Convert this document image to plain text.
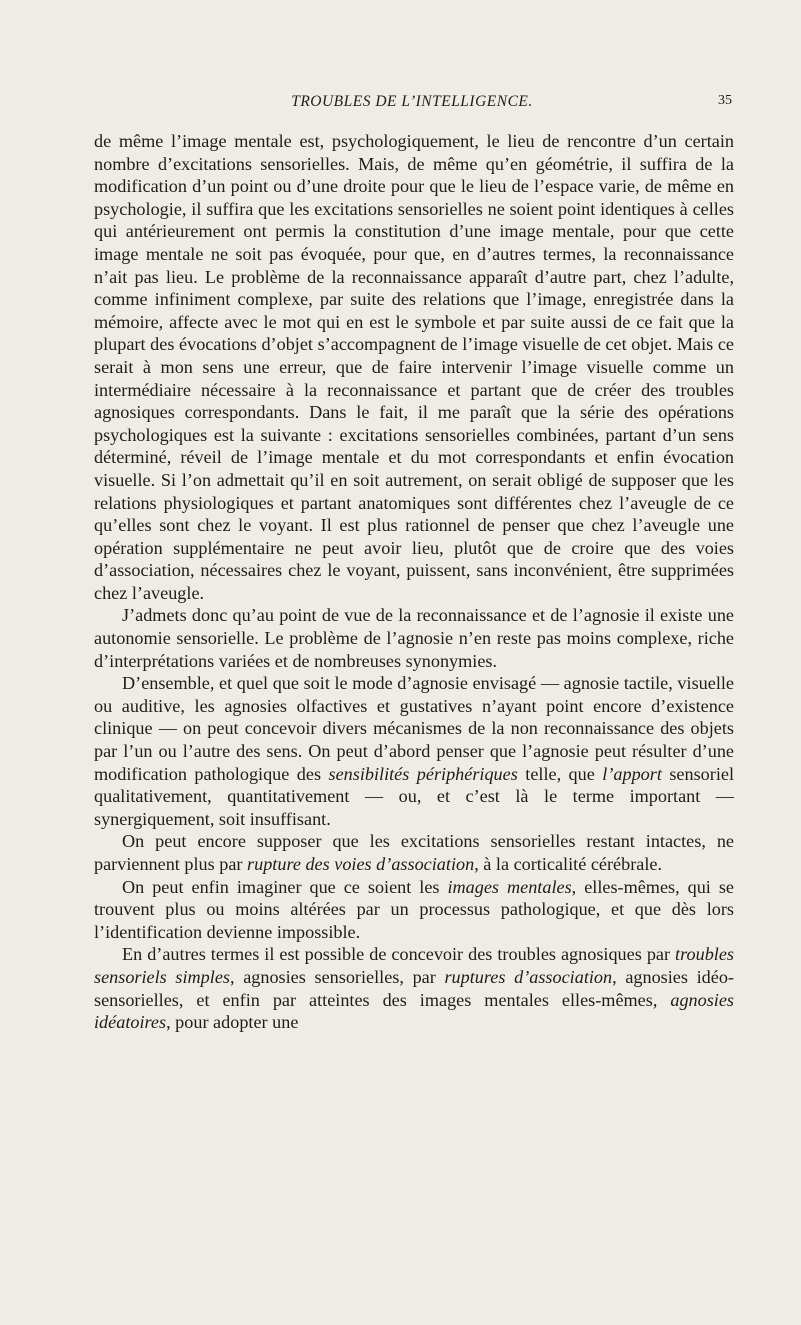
TROUBLES DE L’INTELLIGENCE.	35

de même l’image mentale est, psychologiquement, le lieu de rencontre d’un certain nombre d’excitations sensorielles. Mais, de même qu’en géométrie, il suffira de la modification d’un point ou d’une droite pour que le lieu de l’espace varie, de même en psychologie, il suffira que les excitations sensorielles ne soient point identiques à celles qui antérieurement ont permis la constitution d’une image mentale, pour que cette image mentale ne soit pas évoquée, pour que, en d’autres termes, la reconnaissance n’ait pas lieu. Le problème de la reconnaissance apparaît d’autre part, chez l’adulte, comme infiniment complexe, par suite des relations que l’image, enregistrée dans la mémoire, affecte avec le mot qui en est le symbole et par suite aussi de ce fait que la plupart des évocations d’objet s’accompagnent de l’image visuelle de cet objet. Mais ce serait à mon sens une erreur, que de faire intervenir l’image visuelle comme un intermédiaire nécessaire à la reconnaissance et partant que de créer des troubles agnosiques correspondants. Dans le fait, il me paraît que la série des opérations psychologiques est la suivante : excitations sensorielles combinées, partant d’un sens déterminé, réveil de l’image mentale et du mot correspondants et enfin évocation visuelle. Si l’on admettait qu’il en soit autrement, on serait obligé de supposer que les relations physiologiques et partant anatomiques sont différentes chez l’aveugle de ce qu’elles sont chez le voyant. Il est plus rationnel de penser que chez l’aveugle une opération supplémentaire ne peut avoir lieu, plutôt que de croire que des voies d’association, nécessaires chez le voyant, puissent, sans inconvénient, être supprimées chez l’aveugle.

J’admets donc qu’au point de vue de la reconnaissance et de l’agnosie il existe une autonomie sensorielle. Le problème de l’agnosie n’en reste pas moins complexe, riche d’interprétations variées et de nombreuses synonymies.

D’ensemble, et quel que soit le mode d’agnosie envisagé — agnosie tactile, visuelle ou auditive, les agnosies olfactives et gustatives n’ayant point encore d’existence clinique — on peut concevoir divers mécanismes de la non reconnaissance des objets par l’un ou l’autre des sens. On peut d’abord penser que l’agnosie peut résulter d’une modification pathologique des sensibilités périphériques telle, que l’apport sensoriel qualitativement, quantitativement — ou, et c’est là le terme important — synergiquement, soit insuffisant.

On peut encore supposer que les excitations sensorielles restant intactes, ne parviennent plus par rupture des voies d’association, à la corticalité cérébrale.

On peut enfin imaginer que ce soient les images mentales, elles-mêmes, qui se trouvent plus ou moins altérées par un processus pathologique, et que dès lors l’identification devienne impossible.

En d’autres termes il est possible de concevoir des troubles agnosiques par troubles sensoriels simples, agnosies sensorielles, par ruptures d’association, agnosies idéo-sensorielles, et enfin par atteintes des images mentales elles-mêmes, agnosies idéatoires, pour adopter une
